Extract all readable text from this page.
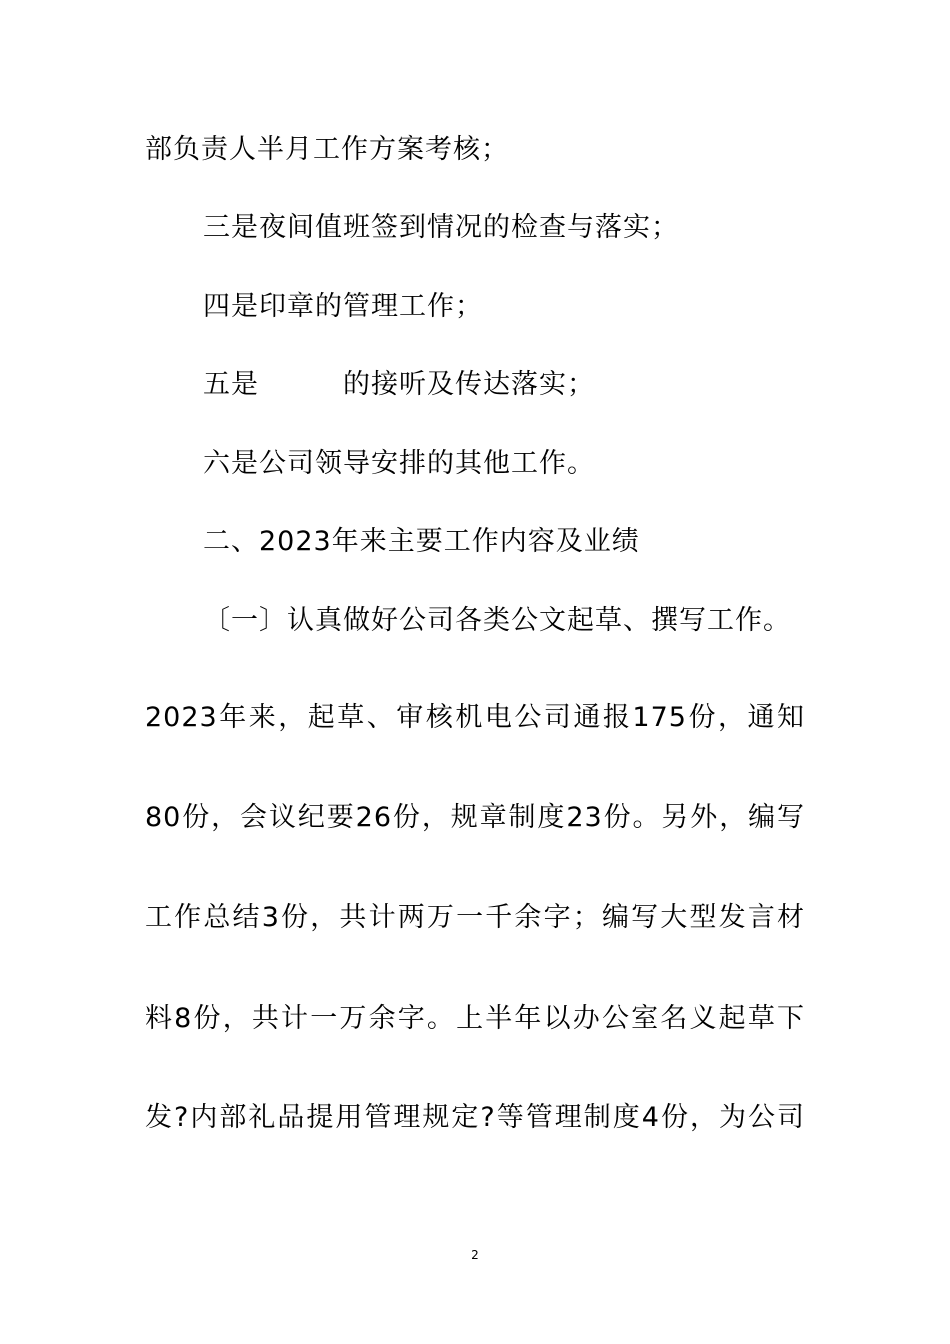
部负责人半月工作方案考核；

三是夜间值班签到情况的检查与落实；

四是印章的管理工作；

五是　　　的接听及传达落实；

六是公司领导安排的其他工作。

二、2023年来主要工作内容及业绩

〔一〕认真做好公司各类公文起草、撰写工作。

2023年来，起草、审核机电公司通报175份，通知

80份，会议纪要26份，规章制度23份。另外，编写

工作总结3份，共计两万一千余字；编写大型发言材

料8份，共计一万余字。上半年以办公室名义起草下

发?内部礼品提用管理规定?等管理制度4份，为公司

2
